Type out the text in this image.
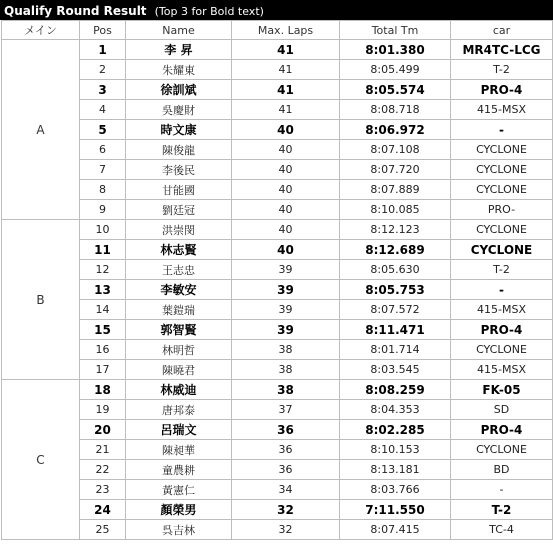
Qualify Round Result (Top 3 for Bold text)
メイン	Pos	Name	Max. Laps	Total Tm	car
A	1	李 昇	41	8:01.380	MR4TC-LCG
	2	朱耀東	41	8:05.499	T-2
	3	徐訓斌	41	8:05.574	PRO-4
	4	吳慶財	41	8:08.718	415-MSX
	5	時文康	40	8:06.972	-
	6	陳俊龍	40	8:07.108	CYCLONE
	7	李後民	40	8:07.720	CYCLONE
	8	甘能國	40	8:07.889	CYCLONE
	9	劉廷冠	40	8:10.085	PRO-
B	10	洪崇閔	40	8:12.123	CYCLONE
	11	林志賢	40	8:12.689	CYCLONE
	12	王志忠	39	8:05.630	T-2
	13	李敏安	39	8:05.753	-
	14	葉鎧瑞	39	8:07.572	415-MSX
	15	郭智賢	39	8:11.471	PRO-4
	16	林明哲	38	8:01.714	CYCLONE
	17	陳曉君	38	8:03.545	415-MSX
C	18	林威迪	38	8:08.259	FK-05
	19	唐邦泰	37	8:04.353	SD
	20	呂瑞文	36	8:02.285	PRO-4
	21	陳昶華	36	8:10.153	CYCLONE
	22	童農耕	36	8:13.181	BD
	23	黃憲仁	34	8:03.766	-
	24	顏榮男	32	7:11.550	T-2
	25	呉吉林	32	8:07.415	TC-4
